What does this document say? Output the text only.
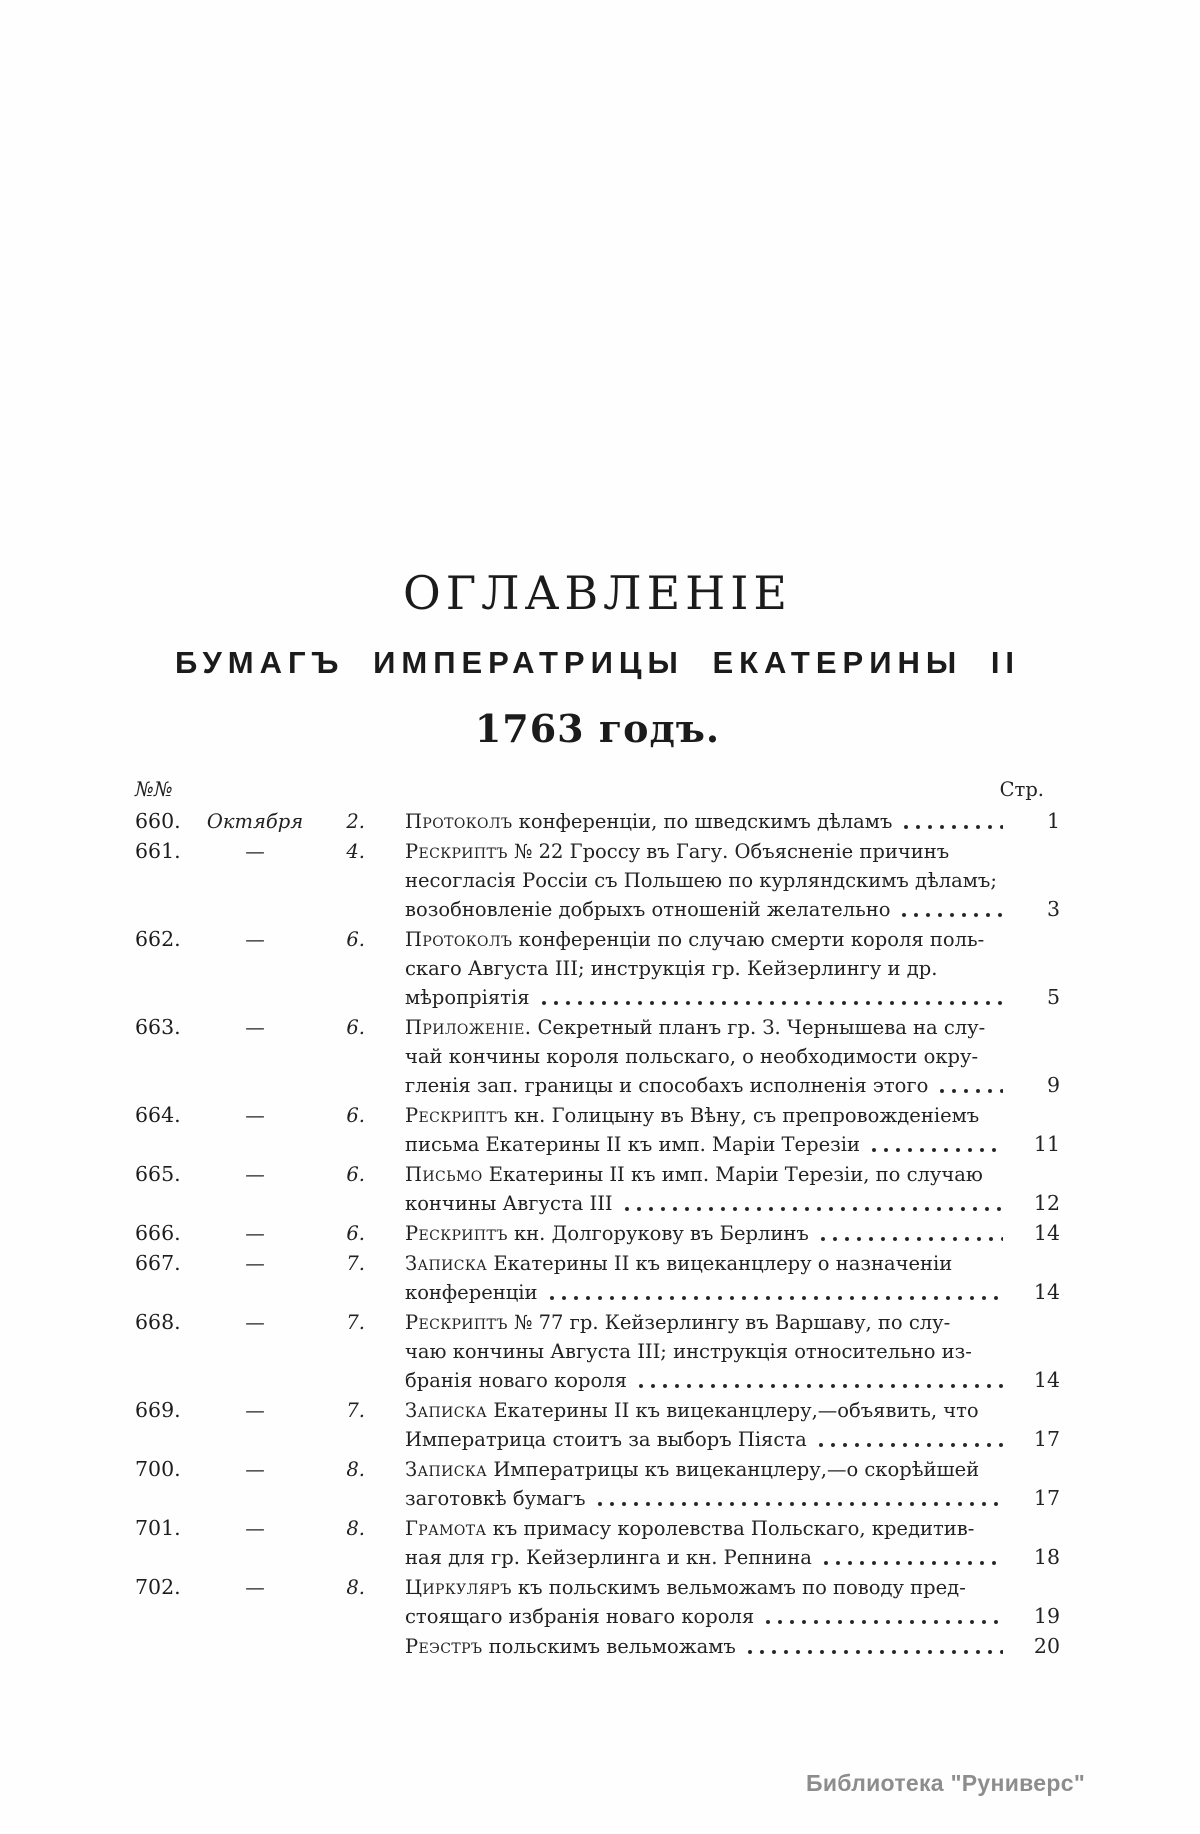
ОГЛАВЛЕНІЕ
БУМАГЪ ИМПЕРАТРИЦЫ ЕКАТЕРИНЫ II
1763 годъ.
№№	Стр.
660.	Октября	2. Протоколъ конференціи, по шведскимъ дѣламъ	1
661.	—	4. Рескриптъ № 22 Гроссу въ Гагу. Объясненіе причинъ
несогласія Россіи съ Польшею по курляндскимъ дѣламъ;
возобновленіе добрыхъ отношеній желательно	3
662.	—	6. Протоколъ конференціи по случаю смерти короля поль-
скаго Августа III; инструкція гр. Кейзерлингу и др.
мѣропріятія	5
663.	—	6. Приложеніе. Секретный планъ гр. З. Чернышева на слу-
чай кончины короля польскаго, о необходимости окру-
гленія зап. границы и способахъ исполненія этого	9
664.	—	6. Рескриптъ кн. Голицыну въ Вѣну, съ препровожденіемъ
письма Екатерины II къ имп. Маріи Терезіи	11
665.	—	6. Письмо Екатерины II къ имп. Маріи Терезіи, по случаю
кончины Августа III	12
666.	—	6. Рескриптъ кн. Долгорукову въ Берлинъ	14
667.	—	7. Записка Екатерины II къ вицеканцлеру о назначеніи
конференціи	14
668.	—	7. Рескриптъ № 77 гр. Кейзерлингу въ Варшаву, по слу-
чаю кончины Августа III; инструкція относительно из-
бранія новаго короля	14
669.	—	7. Записка Екатерины II къ вицеканцлеру,—объявить, что
Императрица стоитъ за выборъ Піяста	17
700.	—	8. Записка Императрицы къ вицеканцлеру,—о скорѣйшей
заготовкѣ бумагъ	17
701.	—	8. Грамота къ примасу королевства Польскаго, кредитив-
ная для гр. Кейзерлинга и кн. Репнина	18
702.	—	8. Циркуляръ къ польскимъ вельможамъ по поводу пред-
стоящаго избранія новаго короля	19
Реэстръ польскимъ вельможамъ	20
Библиотека "Руниверс"
